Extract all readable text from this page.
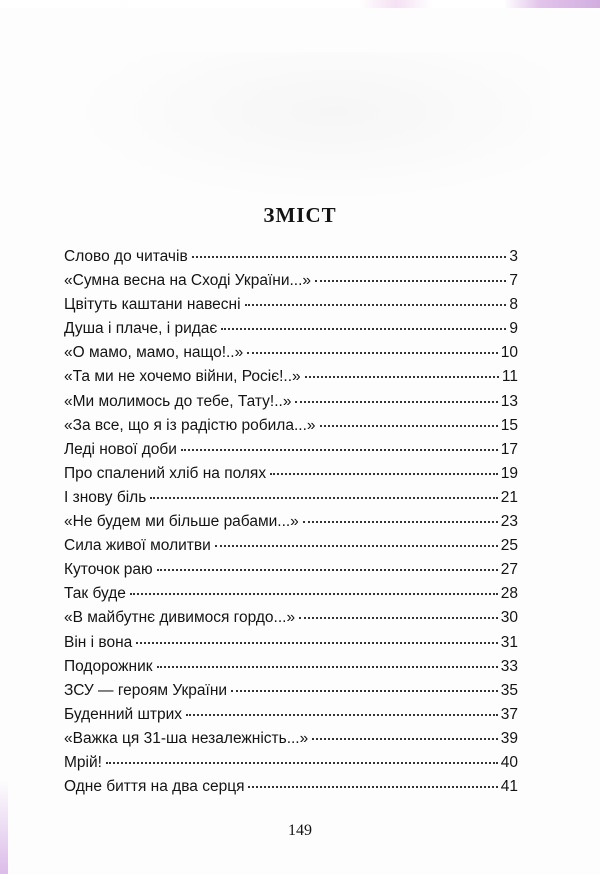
ЗМІСТ
Слово до читачів	3
«Сумна весна на Сході України...»	7
Цвітуть каштани навесні	8
Душа і плаче, і ридає	9
«О мамо, мамо, нащо!..»	10
«Та ми не хочемо війни, Росіє!..»	11
«Ми молимось до тебе, Тату!..»	13
«За все, що я із радістю робила...»	15
Леді нової доби	17
Про спалений хліб на полях	19
І знову біль	21
«Не будем ми більше рабами...»	23
Сила живої молитви	25
Куточок раю	27
Так буде	28
«В майбутнє дивимося гордо...»	30
Він і вона	31
Подорожник	33
ЗСУ — героям України	35
Буденний штрих	37
«Важка ця 31-ша незалежність...»	39
Мрій!	40
Одне биття на два серця	41
149
